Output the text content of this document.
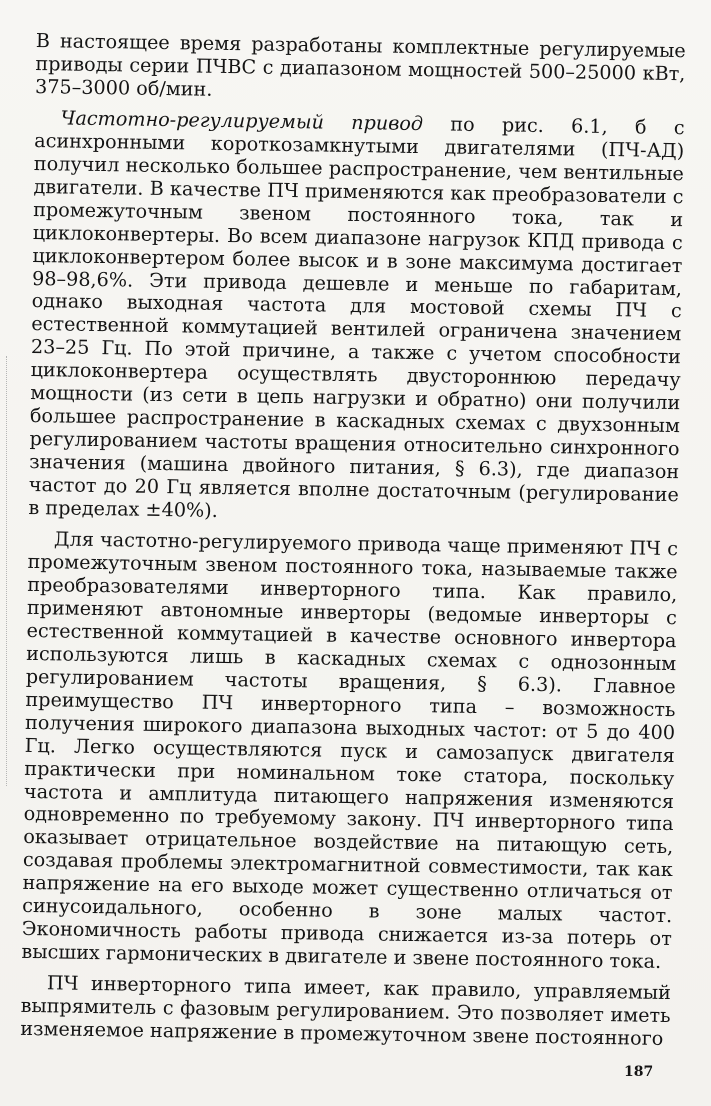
В настоящее время разработаны комплектные регулируемые приводы серии ПЧВС с диапазоном мощностей 500–25000 кВт, 375–3000 об/мин.

Частотно-регулируемый привод по рис. 6.1, б с асинхронными короткозамкнутыми двигателями (ПЧ-АД) получил несколько большее распространение, чем вентильные двигатели. В качестве ПЧ применяются как преобразователи с промежуточным звеном постоянного тока, так и циклоконвертеры. Во всем диапазоне нагрузок КПД привода с циклоконвертером более высок и в зоне максимума достигает 98–98,6%. Эти привода дешевле и меньше по габаритам, однако выходная частота для мостовой схемы ПЧ с естественной коммутацией вентилей ограничена значением 23–25 Гц. По этой причине, а также с учетом способности циклоконвертера осуществлять двустороннюю передачу мощности (из сети в цепь нагрузки и обратно) они получили большее распространение в каскадных схемах с двухзонным регулированием частоты вращения относительно синхронного значения (машина двойного питания, § 6.3), где диапазон частот до 20 Гц является вполне достаточным (регулирование в пределах ±40%).

Для частотно-регулируемого привода чаще применяют ПЧ с промежуточным звеном постоянного тока, называемые также преобразователями инверторного типа. Как правило, применяют автономные инверторы (ведомые инверторы с естественной коммутацией в качестве основного инвертора используются лишь в каскадных схемах с однозонным регулированием частоты вращения, § 6.3). Главное преимущество ПЧ инверторного типа – возможность получения широкого диапазона выходных частот: от 5 до 400 Гц. Легко осуществляются пуск и самозапуск двигателя практически при номинальном токе статора, поскольку частота и амплитуда питающего напряжения изменяются одновременно по требуемому закону. ПЧ инверторного типа оказывает отрицательное воздействие на питающую сеть, создавая проблемы электромагнитной совместимости, так как напряжение на его выходе может существенно отличаться от синусоидального, особенно в зоне малых частот. Экономичность работы привода снижается из-за потерь от высших гармонических в двигателе и звене постоянного тока.

ПЧ инверторного типа имеет, как правило, управляемый выпрямитель с фазовым регулированием. Это позволяет иметь изменяемое напряжение в промежуточном звене постоянного

187
